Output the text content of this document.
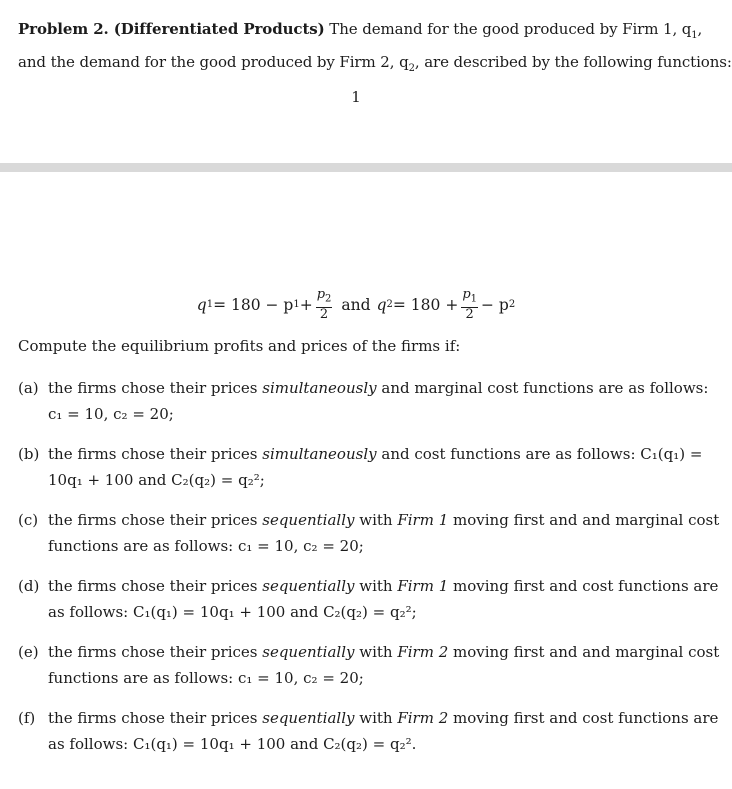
Problem 2. (Differentiated Products) The demand for the good produced by Firm 1, $q_1$,
and the demand for the good produced by Firm 2, $q_2$, are described by the following functions:
1
q 1 = 180 − p $1 + \frac{p_2}{2}$ and q $2 = 180 + \frac{p_1}{2} - p$ 2
Compute the equilibrium profits and prices of the firms if:
(a) the firms chose their prices simultaneously and marginal cost functions are as follows:
c₁ = 10, c₂ = 20;
(b) the firms chose their prices simultaneously and cost functions are as follows: C₁(q₁) =
10q₁ + 100 and C₂(q₂) = q₂²;
(c) the firms chose their prices sequentially with Firm 1 moving first and and marginal cost
functions are as follows: c₁ = 10, c₂ = 20;
(d) the firms chose their prices sequentially with Firm 1 moving first and cost functions are
as follows: C₁(q₁) = 10q₁ + 100 and C₂(q₂) = q₂²;
(e) the firms chose their prices sequentially with Firm 2 moving first and and marginal cost
functions are as follows: c₁ = 10, c₂ = 20;
(f) the firms chose their prices sequentially with Firm 2 moving first and cost functions are
as follows: C₁(q₁) = 10q₁ + 100 and C₂(q₂) = q₂².
